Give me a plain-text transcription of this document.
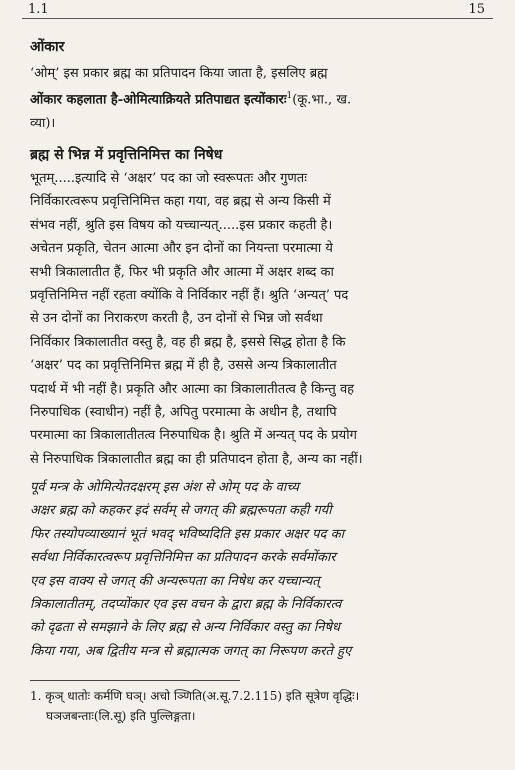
1.1	15
ओंकार
‘ओम्’ इस प्रकार ब्रह्म का प्रतिपादन किया जाता है, इसलिए ब्रह्म
ओंकार कहलाता है-ओमित्याक्रियते प्रतिपाद्यत इत्योंकारः$^1$(कू.भा., ख.
व्या)।
ब्रह्म से भिन्न में प्रवृत्तिनिमित्त का निषेध
भूतम्.....इत्यादि से ‘अक्षर’ पद का जो स्वरूपतः और गुणतः
निर्विकारत्वरूप प्रवृत्तिनिमित्त कहा गया, वह ब्रह्म से अन्य किसी में
संभव नहीं, श्रुति इस विषय को यच्चान्यत्.....इस प्रकार कहती है।
अचेतन प्रकृति, चेतन आत्मा और इन दोनों का नियन्ता परमात्मा ये
सभी त्रिकालातीत हैं, फिर भी प्रकृति और आत्मा में अक्षर शब्द का
प्रवृत्तिनिमित्त नहीं रहता क्योंकि वे निर्विकार नहीं हैं। श्रुति ‘अन्यत्’ पद
से उन दोनों का निराकरण करती है, उन दोनों से भिन्न जो सर्वथा
निर्विकार त्रिकालातीत वस्तु है, वह ही ब्रह्म है, इससे सिद्ध होता है कि
‘अक्षर’ पद का प्रवृत्तिनिमित्त ब्रह्म में ही है, उससे अन्य त्रिकालातीत
पदार्थ में भी नहीं है। प्रकृति और आत्मा का त्रिकालातीतत्व है किन्तु वह
निरुपाधिक (स्वाधीन) नहीं है, अपितु परमात्मा के अधीन है, तथापि
परमात्मा का त्रिकालातीतत्व निरुपाधिक है। श्रुति में अन्यत् पद के प्रयोग
से निरुपाधिक त्रिकालातीत ब्रह्म का ही प्रतिपादन होता है, अन्य का नहीं।
पूर्व मन्त्र के ओमित्येतदक्षरम् इस अंश से ओम् पद के वाच्य
अक्षर ब्रह्म को कहकर इदं सर्वम् से जगत् की ब्रह्मरूपता कही गयी
फिर तस्योपव्याख्यानं भूतं भवद् भविष्यदिति इस प्रकार अक्षर पद का
सर्वथा निर्विकारत्वरूप प्रवृत्तिनिमित्त का प्रतिपादन करके सर्वमोंकार
एव इस वाक्य से जगत् की अन्यरूपता का निषेध कर यच्चान्यत्
त्रिकालातीतम्, तदप्योंकार एव इस वचन के द्वारा ब्रह्म के निर्विकारत्व
को दृढता से समझाने के लिए ब्रह्म से अन्य निर्विकार वस्तु का निषेध
किया गया, अब द्वितीय मन्त्र से ब्रह्मात्मक जगत् का निरूपण करते हुए
1. कृञ् धातोः कर्मणि घञ्। अचो ञ्णिति(अ.सू.7.2.115) इति सूत्रेण वृद्धिः।
घञजबन्ताः(लि.सू) इति पुल्लिङ्गता।
